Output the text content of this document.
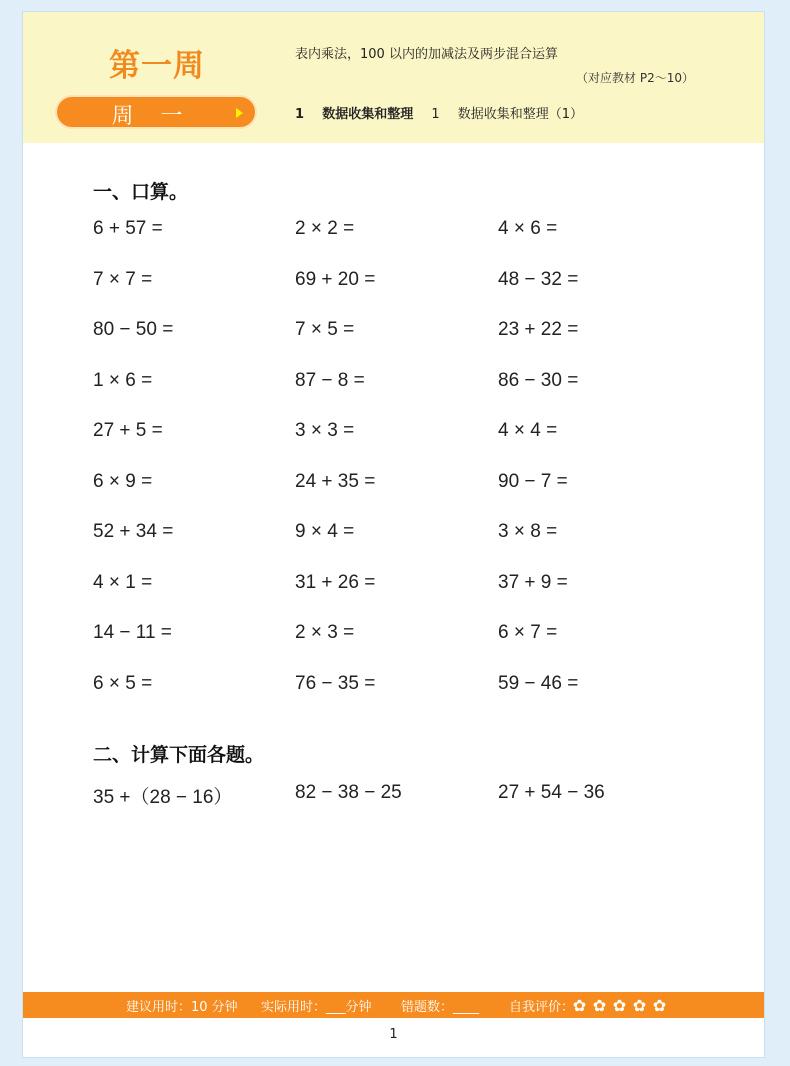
第一周
周 一
表内乘法，100 以内的加减法及两步混合运算
（对应教材 P2～10）
1 数据收集和整理 1 数据收集和整理（1）
一、口算。
6 + 57 =	2 × 2 =	4 × 6 =
7 × 7 =	69 + 20 =	48 − 32 =
80 − 50 =	7 × 5 =	23 + 22 =
1 × 6 =	87 − 8 =	86 − 30 =
27 + 5 =	3 × 3 =	4 × 4 =
6 × 9 =	24 + 35 =	90 − 7 =
52 + 34 =	9 × 4 =	3 × 8 =
4 × 1 =	31 + 26 =	37 + 9 =
14 − 11 =	2 × 3 =	6 × 7 =
6 × 5 =	76 − 35 =	59 − 46 =
二、计算下面各题。
35 +（28 − 16）	82 − 38 − 25	27 + 54 − 36
建议用时：10 分钟 实际用时：___分钟 错题数：____ 自我评价：
✿ ✿ ✿ ✿ ✿
1
